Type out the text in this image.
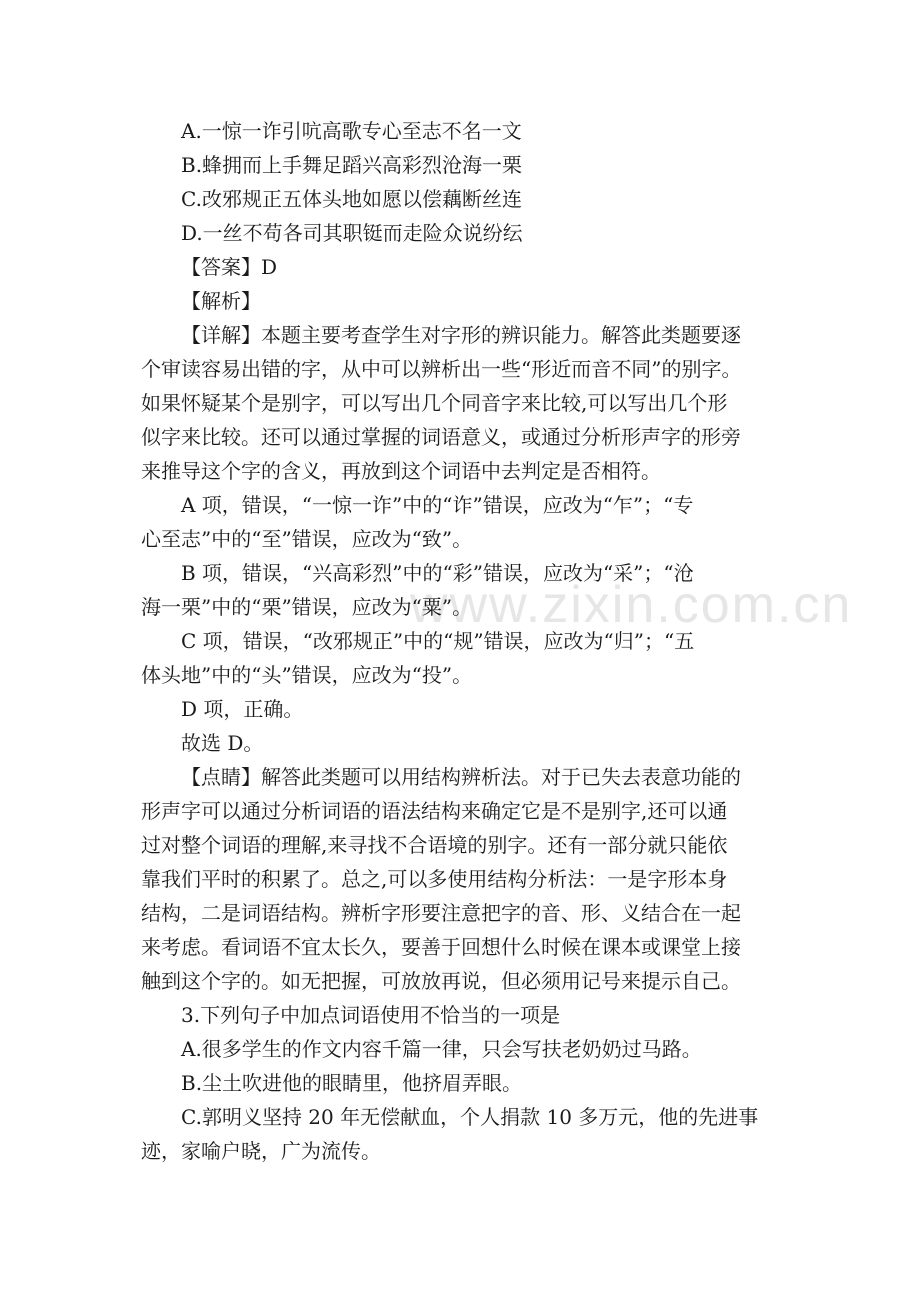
www.zixin.com.cn
A.一惊一诈引吭高歌专心至志不名一文
B.蜂拥而上手舞足蹈兴高彩烈沧海一栗
C.改邪规正五体头地如愿以偿藕断丝连
D.一丝不苟各司其职铤而走险众说纷纭
【答案】D
【解析】
【详解】本题主要考查学生对字形的辨识能力。解答此类题要逐
个审读容易出错的字，从中可以辨析出一些“形近而音不同”的别字。
如果怀疑某个是别字，可以写出几个同音字来比较,可以写出几个形
似字来比较。还可以通过掌握的词语意义，或通过分析形声字的形旁
来推导这个字的含义，再放到这个词语中去判定是否相符。
A 项，错误，“一惊一诈”中的“诈”错误，应改为“乍”；“专
心至志”中的“至”错误，应改为“致”。
B 项，错误，“兴高彩烈”中的“彩”错误，应改为“采”；“沧
海一栗”中的“栗”错误，应改为“粟”。
C 项，错误，“改邪规正”中的“规”错误，应改为“归”；“五
体头地”中的“头”错误，应改为“投”。
D 项，正确。
故选 D。
【点睛】解答此类题可以用结构辨析法。对于已失去表意功能的
形声字可以通过分析词语的语法结构来确定它是不是别字,还可以通
过对整个词语的理解,来寻找不合语境的别字。还有一部分就只能依
靠我们平时的积累了。总之,可以多使用结构分析法：一是字形本身
结构，二是词语结构。辨析字形要注意把字的音、形、义结合在一起
来考虑。看词语不宜太长久，要善于回想什么时候在课本或课堂上接
触到这个字的。如无把握，可放放再说，但必须用记号来提示自己。
3.下列句子中加点词语使用不恰当的一项是
A.很多学生的作文内容千篇一律，只会写扶老奶奶过马路。
B.尘土吹进他的眼睛里，他挤眉弄眼。
C.郭明义坚持 20 年无偿献血，个人捐款 10 多万元，他的先进事
迹，家喻户晓，广为流传。
